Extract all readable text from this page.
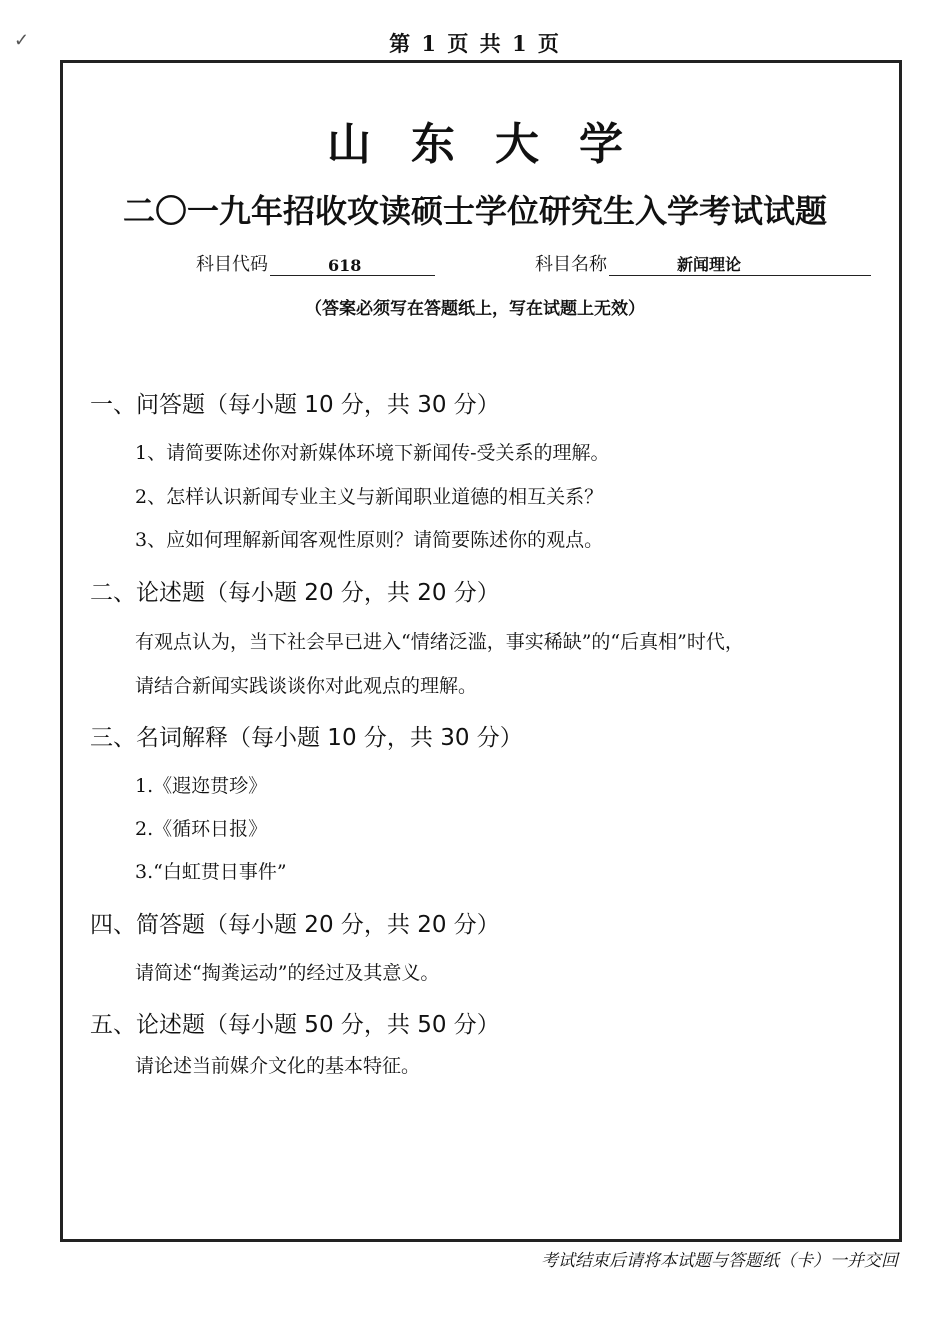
✓	第 1 页 共 1 页
山东大学
二〇一九年招收攻读硕士学位研究生入学考试试题
科目代码	618	科目名称	新闻理论
（答案必须写在答题纸上，写在试题上无效）
一、问答题（每小题 10 分，共 30 分）
1、请简要陈述你对新媒体环境下新闻传-受关系的理解。
2、怎样认识新闻专业主义与新闻职业道德的相互关系？
3、应如何理解新闻客观性原则？请简要陈述你的观点。
二、论述题（每小题 20 分，共 20 分）
有观点认为，当下社会早已进入“情绪泛滥，事实稀缺”的“后真相”时代，
请结合新闻实践谈谈你对此观点的理解。
三、名词解释（每小题 10 分，共 30 分）
1.《遐迩贯珍》
2.《循环日报》
3.“白虹贯日事件”
四、简答题（每小题 20 分，共 20 分）
请简述“掏粪运动”的经过及其意义。
五、论述题（每小题 50 分，共 50 分）
请论述当前媒介文化的基本特征。
考试结束后请将本试题与答题纸（卡）一并交回
